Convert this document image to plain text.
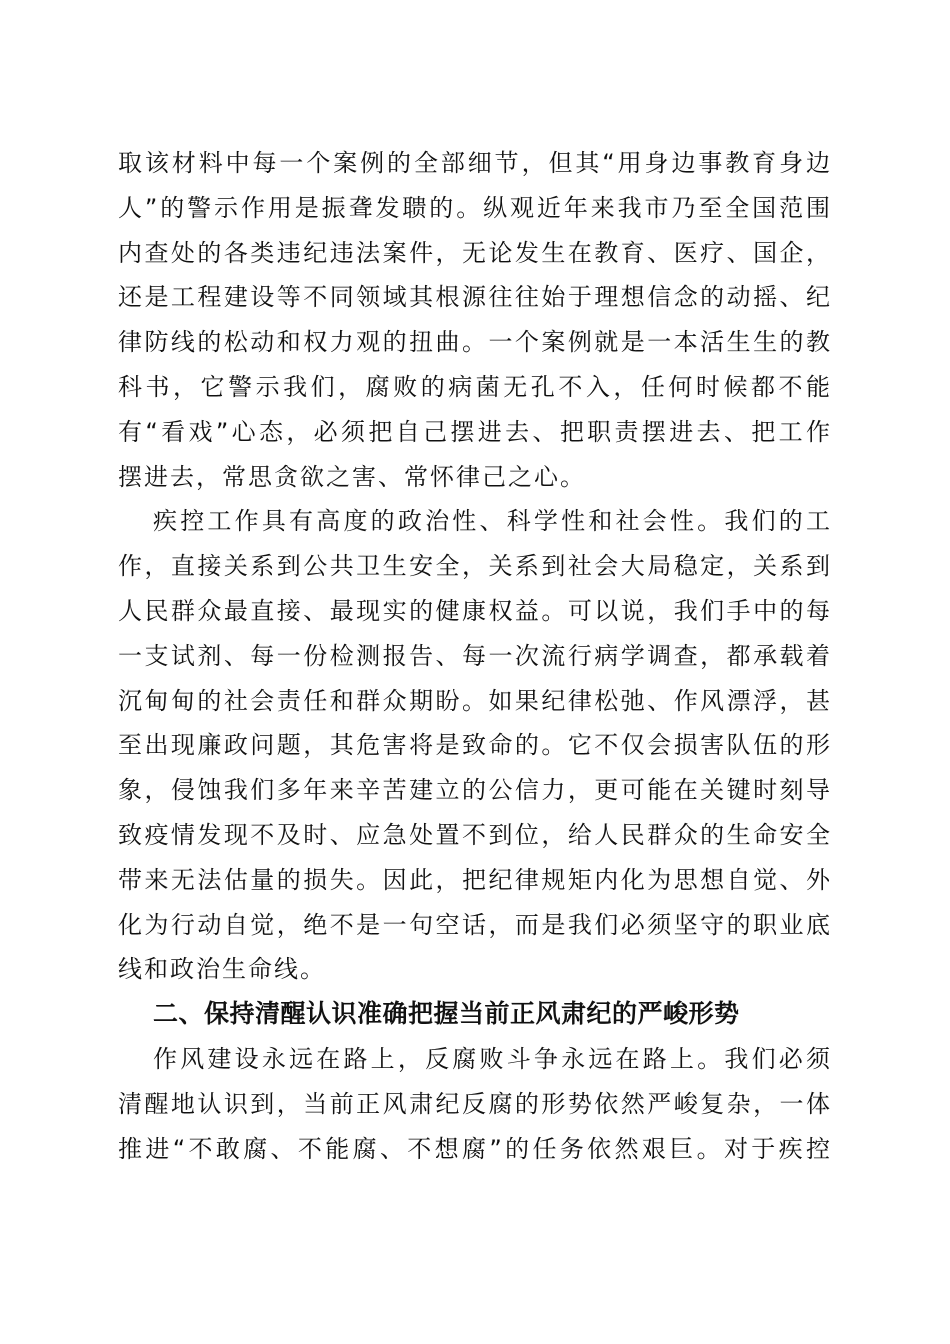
取该材料中每一个案例的全部细节，但其“用身边事教育身边
人”的警示作用是振聋发聩的。纵观近年来我市乃至全国范围
内查处的各类违纪违法案件，无论发生在教育、医疗、国企，
还是工程建设等不同领域其根源往往始于理想信念的动摇、纪
律防线的松动和权力观的扭曲。一个案例就是一本活生生的教
科书，它警示我们，腐败的病菌无孔不入，任何时候都不能
有“看戏”心态，必须把自己摆进去、把职责摆进去、把工作
摆进去，常思贪欲之害、常怀律己之心。
疾控工作具有高度的政治性、科学性和社会性。我们的工
作，直接关系到公共卫生安全，关系到社会大局稳定，关系到
人民群众最直接、最现实的健康权益。可以说，我们手中的每
一支试剂、每一份检测报告、每一次流行病学调查，都承载着
沉甸甸的社会责任和群众期盼。如果纪律松弛、作风漂浮，甚
至出现廉政问题，其危害将是致命的。它不仅会损害队伍的形
象，侵蚀我们多年来辛苦建立的公信力，更可能在关键时刻导
致疫情发现不及时、应急处置不到位，给人民群众的生命安全
带来无法估量的损失。因此，把纪律规矩内化为思想自觉、外
化为行动自觉，绝不是一句空话，而是我们必须坚守的职业底
线和政治生命线。
二、保持清醒认识准确把握当前正风肃纪的严峻形势
作风建设永远在路上，反腐败斗争永远在路上。我们必须
清醒地认识到，当前正风肃纪反腐的形势依然严峻复杂，一体
推进“不敢腐、不能腐、不想腐”的任务依然艰巨。对于疾控
